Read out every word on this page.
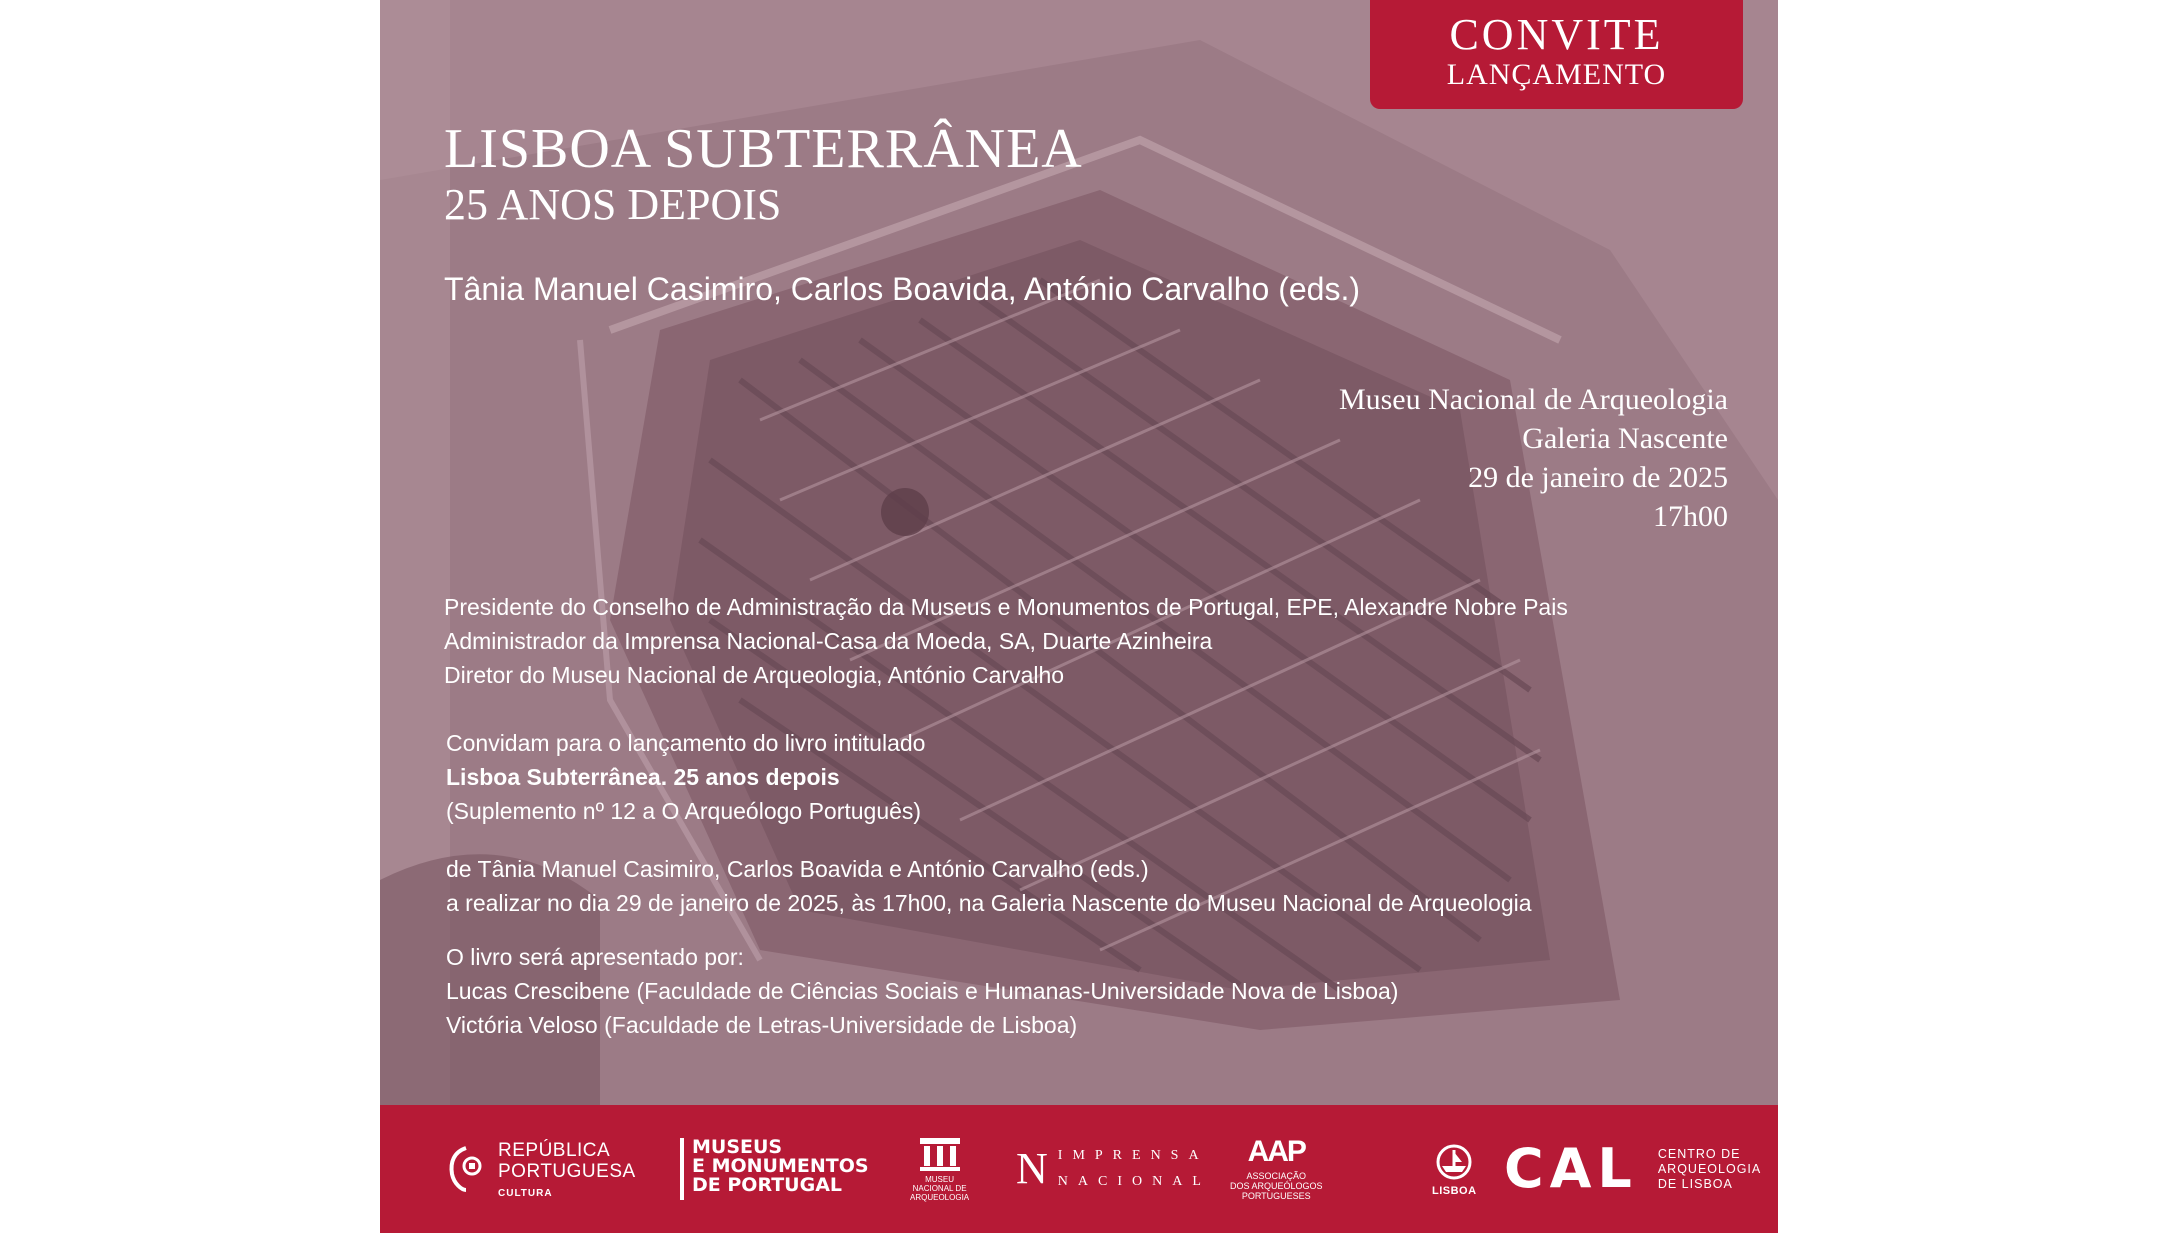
CONVITE
LANÇAMENTO
LISBOA SUBTERRÂNEA
25 ANOS DEPOIS
Tânia Manuel Casimiro, Carlos Boavida, António Carvalho (eds.)
Museu Nacional de Arqueologia
Galeria Nascente
29 de janeiro de 2025
17h00
Presidente do Conselho de Administração da Museus e Monumentos de Portugal, EPE, Alexandre Nobre Pais
Administrador da Imprensa Nacional-Casa da Moeda, SA, Duarte Azinheira
Diretor do Museu Nacional de Arqueologia, António Carvalho
Convidam para o lançamento do livro intitulado
Lisboa Subterrânea. 25 anos depois
(Suplemento nº 12 a O Arqueólogo Português)
de Tânia Manuel Casimiro, Carlos Boavida e António Carvalho (eds.)
a realizar no dia 29 de janeiro de 2025, às 17h00, na Galeria Nascente do Museu Nacional de Arqueologia
O livro será apresentado por:
Lucas Crescibene (Faculdade de Ciências Sociais e Humanas-Universidade Nova de Lisboa)
Victória Veloso (Faculdade de Letras-Universidade de Lisboa)
REPÚBLICA
PORTUGUESA
CULTURA
MUSEUS
E MONUMENTOS
DE PORTUGAL	MUSEU
NACIONAL DE
ARQUEOLOGIA
N IMPRENSA
NACIONAL
AAP
ASSOCIAÇÃO
DOS ARQUEÓLOGOS
PORTUGUESES	LISBOA CAL CENTRO DE
ARQUEOLOGIA
DE LISBOA
